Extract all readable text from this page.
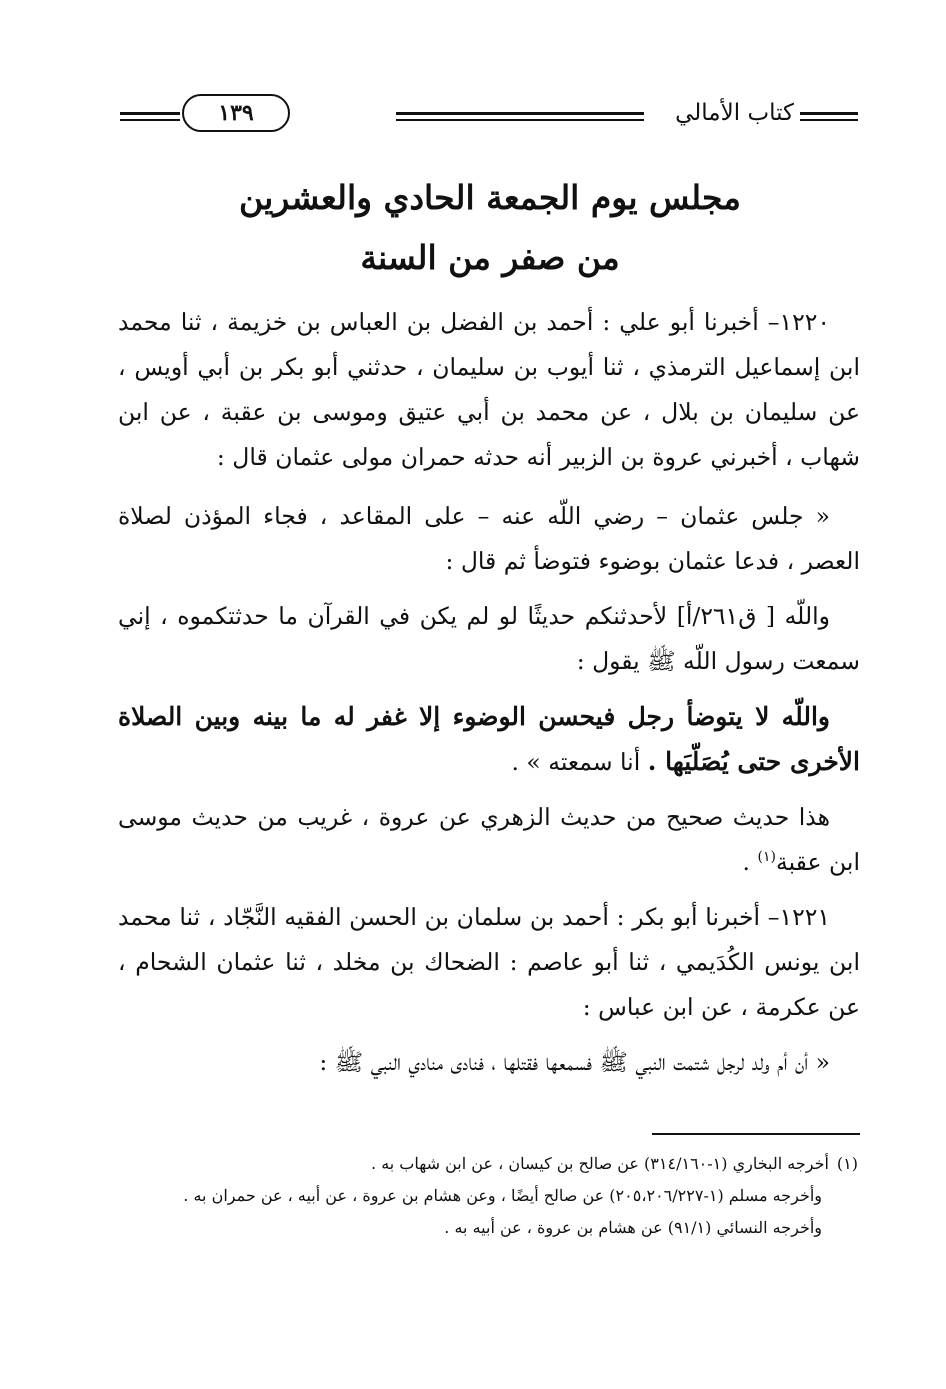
كتاب الأمالي
١٣٩
مجلس يوم الجمعة الحادي والعشرين
من صفر من السنة

١٢٢٠– أخبرنا أبو علي : أحمد بن الفضل بن العباس بن خزيمة ، ثنا محمد ابن إسماعيل الترمذي ، ثنا أيوب بن سليمان ، حدثني أبو بكر بن أبي أويس ، عن سليمان بن بلال ، عن محمد بن أبي عتيق وموسى بن عقبة ، عن ابن شهاب ، أخبرني عروة بن الزبير أنه حدثه حمران مولى عثمان قال :

« جلس عثمان – رضي اللّه عنه – على المقاعد ، فجاء المؤذن لصلاة العصر ، فدعا عثمان بوضوء فتوضأ ثم قال :

واللّه [ ق٢٦١/أ] لأحدثنكم حديثًا لو لم يكن في القرآن ما حدثتكموه ، إني سمعت رسول اللّه ﷺ يقول :

واللّه لا يتوضأ رجل فيحسن الوضوء إلا غفر له ما بينه وبين الصلاة الأخرى حتى يُصَلّيَها . أنا سمعته » .

هذا حديث صحيح من حديث الزهري عن عروة ، غريب من حديث موسى ابن عقبة$^{(١)}$ .

١٢٢١– أخبرنا أبو بكر : أحمد بن سلمان بن الحسن الفقيه النَّجّاد ، ثنا محمد ابن يونس الكُدَيمي ، ثنا أبو عاصم : الضحاك بن مخلد ، ثنا عثمان الشحام ، عن عكرمة ، عن ابن عباس :

« أن أم ولد لرجل شتمت النبي ﷺ فسمعها فقتلها ، فنادى منادي النبي ﷺ :

(١)أخرجه البخاري (١-٣١٤/١٦٠) عن صالح بن كيسان ، عن ابن شهاب به .

وأخرجه مسلم (١-٢٠٥،٢٠٦/٢٢٧) عن صالح أيضًا ، وعن هشام بن عروة ، عن أبيه ، عن حمران به .

وأخرجه النسائي (٩١/١) عن هشام بن عروة ، عن أبيه به .
